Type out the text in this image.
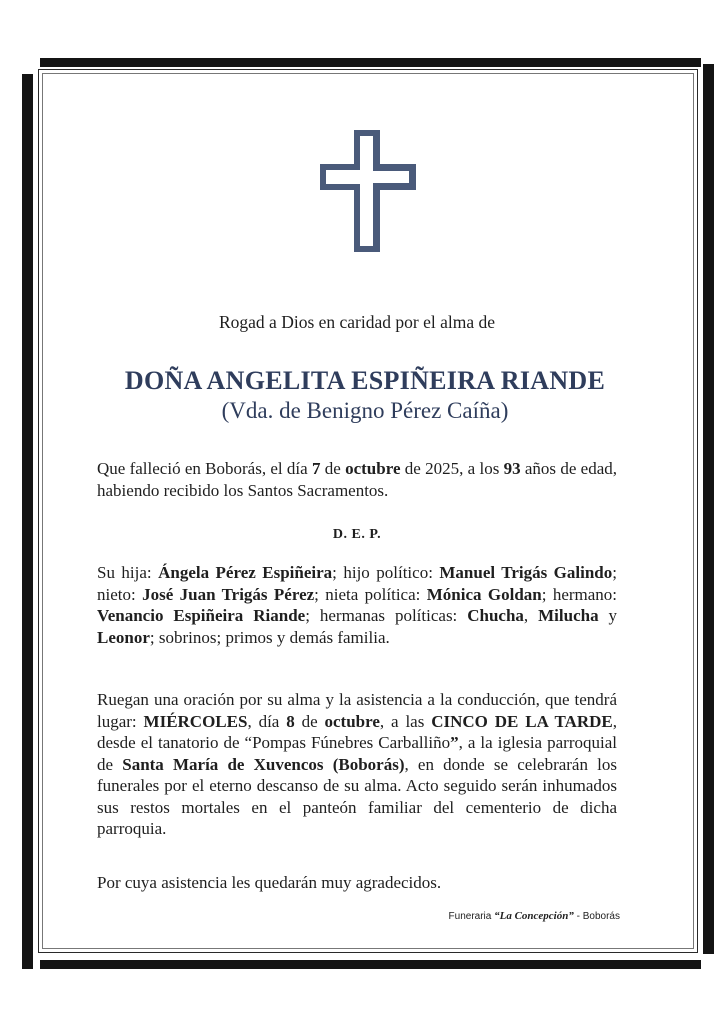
Rogad a Dios en caridad por el alma de
DOÑA ANGELITA ESPIÑEIRA RIANDE
(Vda. de Benigno Pérez Caíña)
Que falleció en Boborás, el día 7 de octubre de 2025, a los 93 años de edad, habiendo recibido los Santos Sacramentos.
D. E. P.
Su hija: Ángela Pérez Espiñeira; hijo político: Manuel Trigás Galindo; nieto: José Juan Trigás Pérez; nieta política: Mónica Goldan; hermano: Venancio Espiñeira Riande; hermanas políticas: Chucha, Milucha y Leonor; sobrinos; primos y demás familia.
Ruegan una oración por su alma y la asistencia a la conducción, que tendrá lugar: MIÉRCOLES, día 8 de octubre, a las CINCO DE LA TARDE, desde el tanatorio de “Pompas Fúnebres Carballiño”, a la iglesia parroquial de Santa María de Xuvencos (Boborás), en donde se celebrarán los funerales por el eterno descanso de su alma. Acto seguido serán inhumados sus restos mortales en el panteón familiar del cementerio de dicha parroquia.
Por cuya asistencia les quedarán muy agradecidos.
Funeraria “La Concepción” - Boborás
